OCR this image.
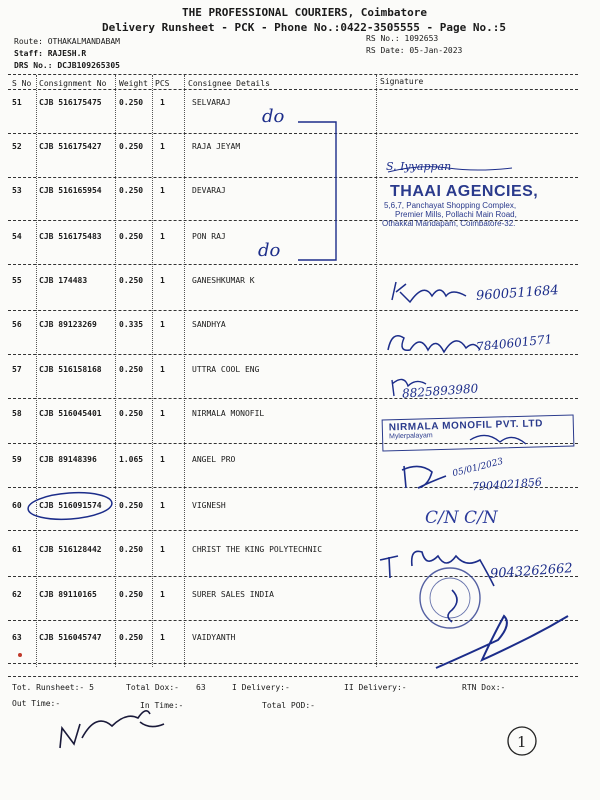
THE PROFESSIONAL COURIERS, Coimbatore
Delivery Runsheet - PCK - Phone No.:0422-3505555 - Page No.:5
Route: OTHAKALMANDABAM
Staff: RAJESH.R
DRS No.: DCJB109265305
RS No.: 1092653
RS Date: 05-Jan-2023
S No Consignment No Weight PCS Consignee Details	Signature
51 CJB 516175475 0.250 1	SELVARAJ
52 CJB 516175427 0.250 1	RAJA JEYAM
53 CJB 516165954 0.250 1	DEVARAJ
54 CJB 516175483 0.250 1	PON RAJ
55 CJB 174483	0.250 1	GANESHKUMAR K
56 CJB 89123269	0.335 1	SANDHYA
57 CJB 516158168 0.250 1	UTTRA COOL ENG
58 CJB 516045401 0.250 1	NIRMALA MONOFIL
59 CJB 89148396	1.065 1	ANGEL PRO
60 CJB 516091574 0.250 1	VIGNESH
61 CJB 516128442 0.250 1	CHRIST THE KING POLYTECHNIC
62 CJB 89110165	0.250 1	SURER SALES INDIA
63 CJB 516045747 0.250 1	VAIDYANTH
Tot. Runsheet:- 5	Total Dox:- 63	I Delivery:-	II Delivery:-	RTN Dox:-
Out Time:-	In Time:-	Total POD:-
THAAI AGENCIES,
5,6,7, Panchayat Shopping Complex,
Premier Mills, Pollachi Main Road,
Othakkal Mandapam, Coimbatore-32.
NIRMALA MONOFIL PVT. LTD
Mylerpalayam
do
do
S. Iyyappan
9600511684
7840601571
8825893980
05/01/2023
7904021856
C/N C/N
9043262662
1
